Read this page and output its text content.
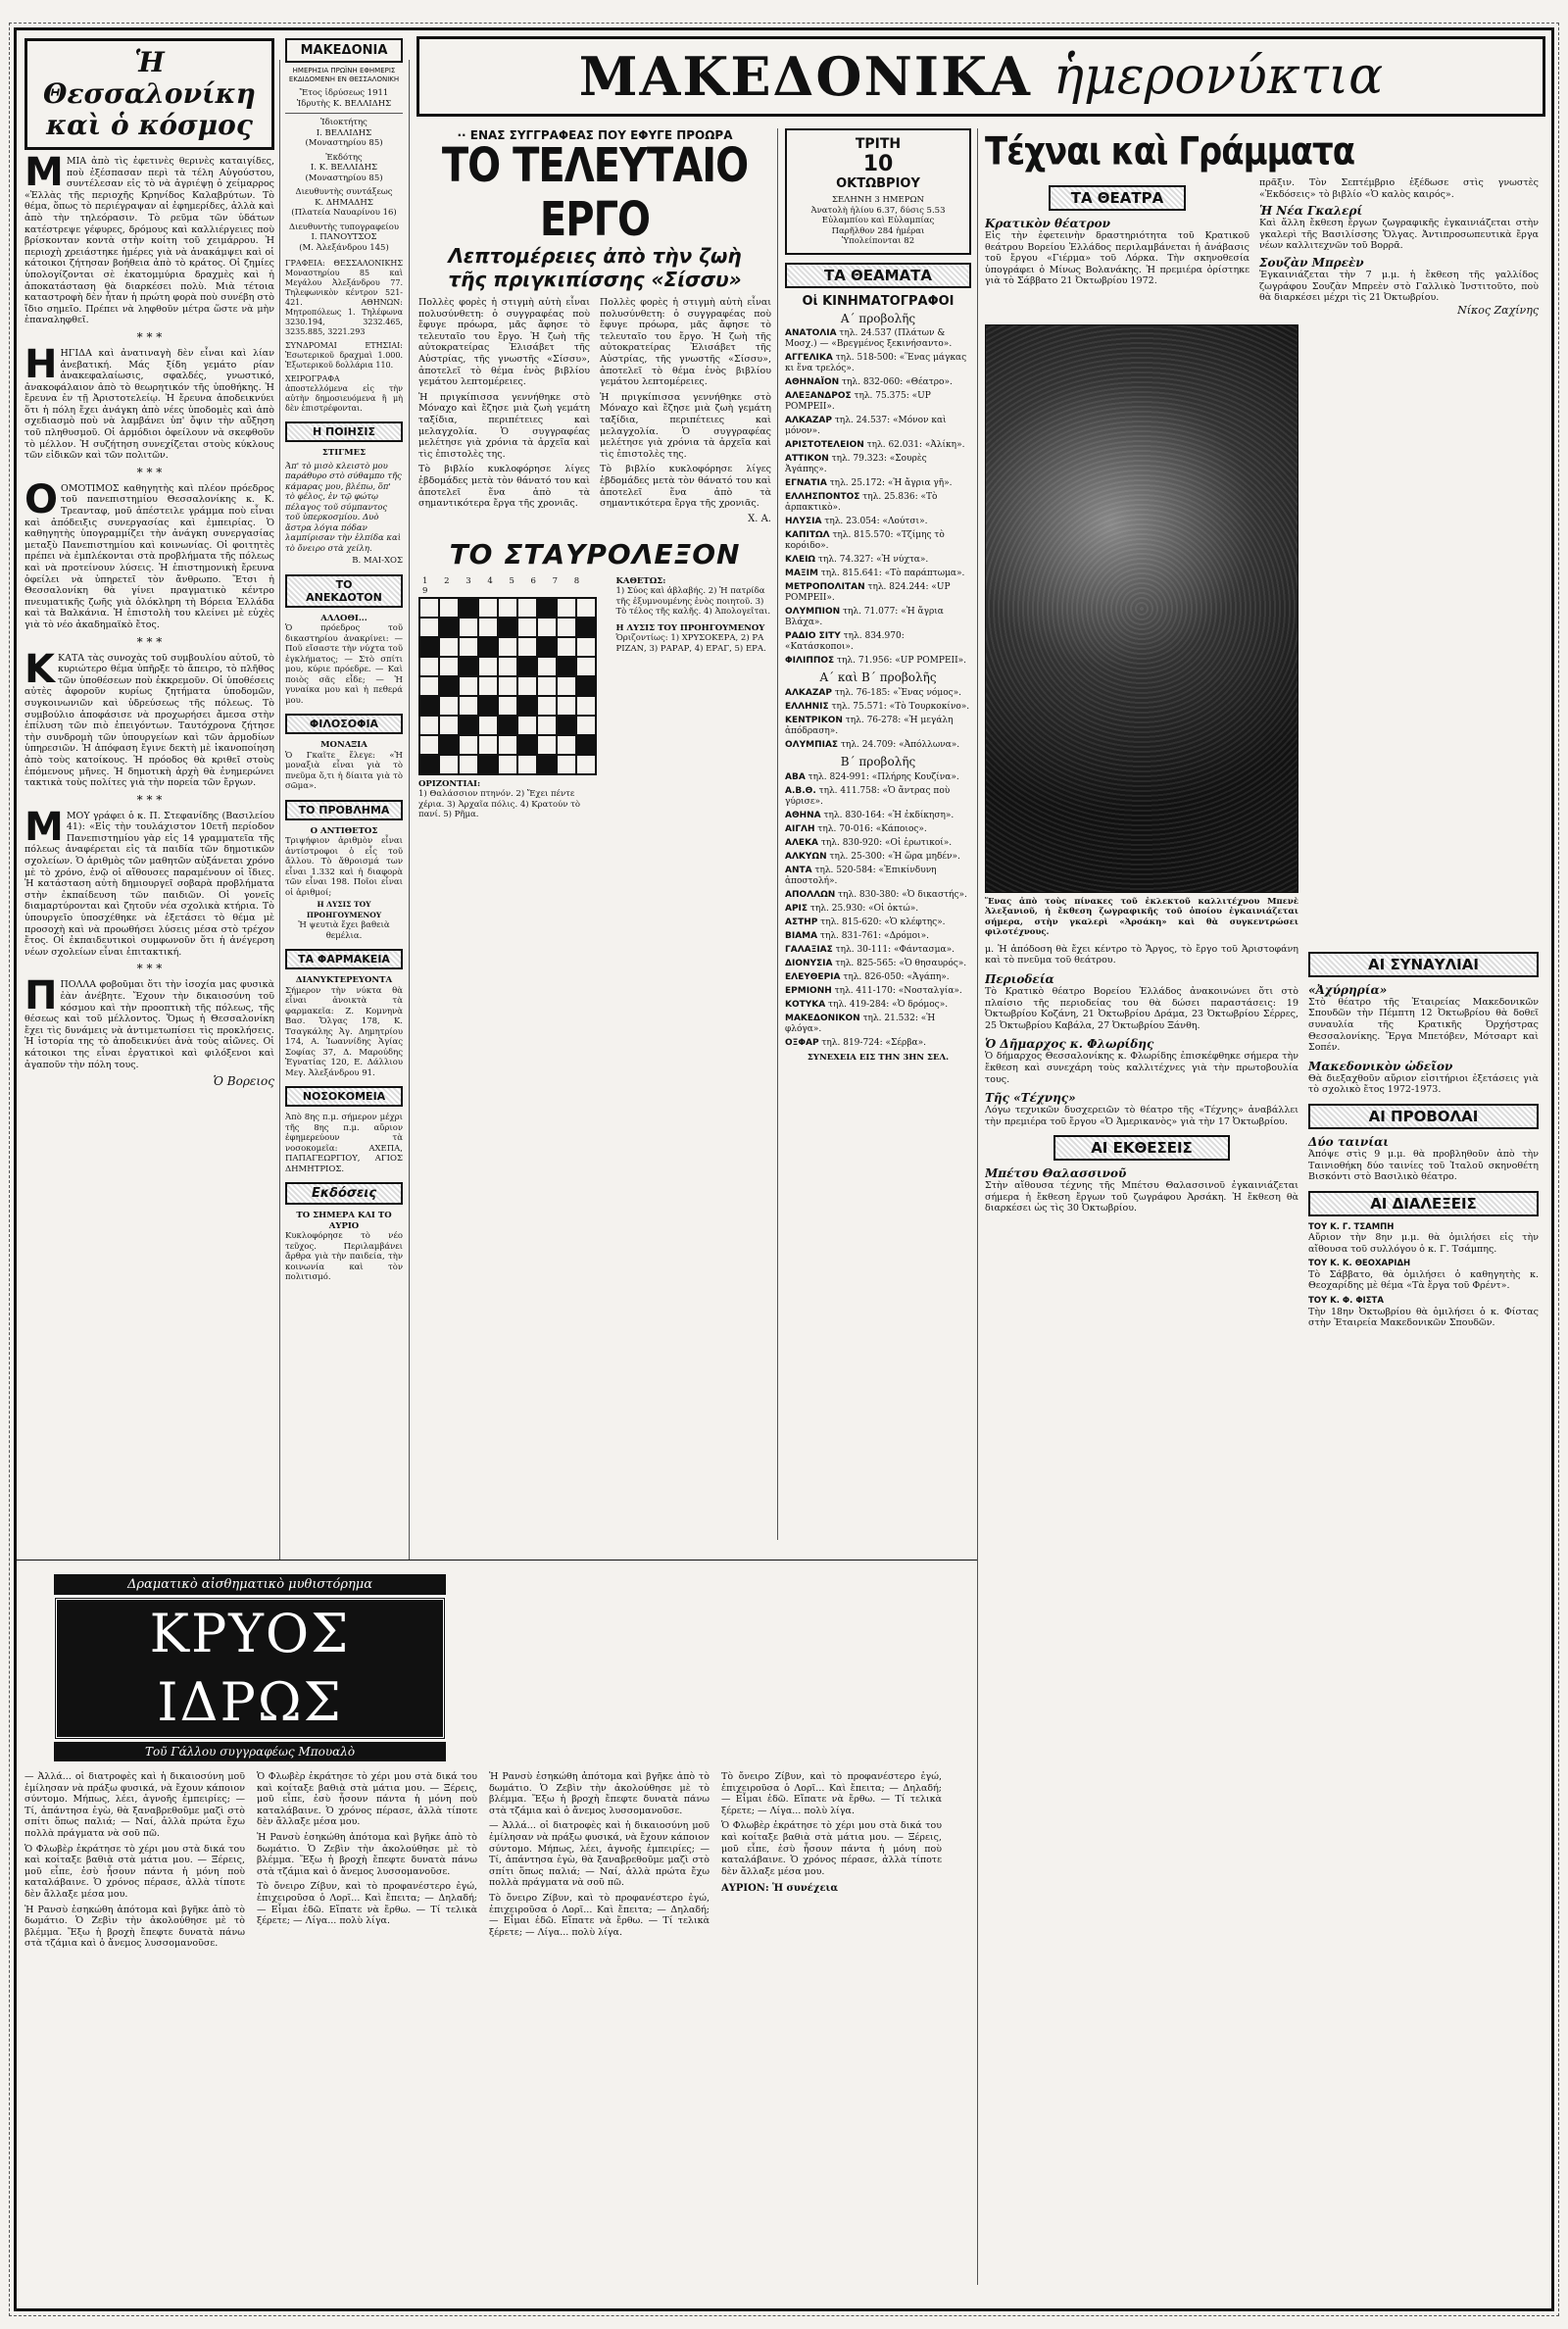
Ἡ Θεσσαλονίκη
καὶ ὁ κόσμος

ΜΜΙΑ ἀπὸ τὶς ἐφετινὲς θερινὲς καταιγίδες, ποὺ ἐξέσπασαν περὶ τὰ τέλη Αὐγούστου, συντέλεσαν εἰς τὸ νὰ ἀγριέψῃ ὁ χείμαρρος «Ἑλλὰς τῆς περιοχῆς Κρηνίδος Καλαβρύτων. Τὸ θέμα, ὅπως τὸ περιέγραψαν αἱ ἐφημερίδες, ἀλλὰ καὶ ἀπὸ τὴν τηλεόρασιν. Τὸ ρεῦμα τῶν ὑδάτων κατέστρεψε γέφυρες, δρόμους καὶ καλλιέργειες ποὺ βρίσκονταν κοντὰ στὴν κοίτη τοῦ χειμάρρου. Ἡ περιοχὴ χρειάστηκε ἡμέρες γιὰ νὰ ἀνακάμψει καὶ οἱ κάτοικοι ζήτησαν βοήθεια ἀπὸ τὸ κράτος. Οἱ ζημίες ὑπολογίζονται σὲ ἑκατομμύρια δραχμὲς καὶ ἡ ἀποκατάσταση θὰ διαρκέσει πολὺ. Μιὰ τέτοια καταστροφὴ δὲν ἦταν ἡ πρώτη φορὰ ποὺ συνέβη στὸ ἴδιο σημεῖο. Πρέπει νὰ ληφθοῦν μέτρα ὥστε νὰ μὴν ἐπαναληφθεῖ.

* * *

ΗΗΓΙΔΑ καὶ ἀνατιναγὴ δὲν εἶναι καὶ λίαν ἀνεβατική. Μάς ξίδη γεμάτο ρίαν ἀνακεφαλαίωσις, σφαλδές, γνωστικό, ἀνακοφάλαιον ἀπὸ τὸ θεωρητικόν τῆς ὑποθήκης. Ἡ ἔρευνα ἐν τῇ Ἀριστοτελείῳ. Ἡ ἔρευνα ἀποδεικνύει ὅτι ἡ πόλη ἔχει ἀνάγκη ἀπὸ νέες ὑποδομὲς καὶ ἀπὸ σχεδιασμὸ ποὺ νὰ λαμβάνει ὑπ' ὄψιν τὴν αὔξηση τοῦ πληθυσμοῦ. Οἱ ἁρμόδιοι ὀφείλουν νὰ σκεφθοῦν τὸ μέλλον. Ἡ συζήτηση συνεχίζεται στοὺς κύκλους τῶν εἰδικῶν καὶ τῶν πολιτῶν.

* * *

ΟΟΜΟΤΙΜΟΣ καθηγητὴς καὶ πλέον πρόεδρος τοῦ πανεπιστημίου Θεσσαλονίκης κ. Κ. Τρεανταφ, μοῦ ἀπέστειλε γράμμα ποὺ εἶναι καὶ ἀπόδειξις συνεργασίας καὶ ἐμπειρίας. Ὁ καθηγητὴς ὑπογραμμίζει τὴν ἀνάγκη συνεργασίας μεταξὺ Πανεπιστημίου καὶ κοινωνίας. Οἱ φοιτητὲς πρέπει νὰ ἐμπλέκονται στὰ προβλήματα τῆς πόλεως καὶ νὰ προτείνουν λύσεις. Ἡ ἐπιστημονικὴ ἔρευνα ὀφείλει νὰ ὑπηρετεῖ τὸν ἄνθρωπο. Ἔτσι ἡ Θεσσαλονίκη θὰ γίνει πραγματικὸ κέντρο πνευματικῆς ζωῆς γιὰ ὁλόκληρη τὴ Βόρεια Ἑλλάδα καὶ τὰ Βαλκάνια. Ἡ ἐπιστολὴ του κλείνει μὲ εὐχὲς γιὰ τὸ νέο ἀκαδημαϊκὸ ἔτος.

* * *

ΚΚΑΤΑ τὰς συνοχὰς τοῦ συμβουλίου αὐτοῦ, τὸ κυριώτερο θέμα ὑπῆρξε τὸ ἄπειρο, τὸ πλῆθος τῶν ὑποθέσεων ποὺ ἐκκρεμοῦν. Οἱ ὑποθέσεις αὐτὲς ἀφοροῦν κυρίως ζητήματα ὑποδομῶν, συγκοινωνιῶν καὶ ὑδρεύσεως τῆς πόλεως. Τὸ συμβούλιο ἀποφάσισε νὰ προχωρήσει ἄμεσα στὴν ἐπίλυση τῶν πιὸ ἐπειγόντων. Ταυτόχρονα ζήτησε τὴν συνδρομὴ τῶν ὑπουργείων καὶ τῶν ἀρμοδίων ὑπηρεσιῶν. Ἡ ἀπόφαση ἔγινε δεκτὴ μὲ ἱκανοποίηση ἀπὸ τοὺς κατοίκους. Ἡ πρόοδος θὰ κριθεῖ στοὺς ἑπόμενους μῆνες. Ἡ δημοτικὴ ἀρχὴ θὰ ἐνημερώνει τακτικὰ τοὺς πολίτες γιὰ τὴν πορεία τῶν ἔργων.

* * *

ΜΜΟΥ γράφει ὁ κ. Π. Στεφανίδης (Βασιλείου 41): «Εἰς τὴν τουλάχιστον 10ετῆ περίοδον Πανεπιστημίου γὰρ εἰς 14 γραμματεῖα τῆς πόλεως ἀναφέρεται εἰς τὰ παιδία τῶν δημοτικῶν σχολείων. Ὁ ἀριθμὸς τῶν μαθητῶν αὐξάνεται χρόνο μὲ τὸ χρόνο, ἐνῷ οἱ αἴθουσες παραμένουν οἱ ἴδιες. Ἡ κατάσταση αὐτὴ δημιουργεῖ σοβαρὰ προβλήματα στὴν ἐκπαίδευση τῶν παιδιῶν. Οἱ γονεῖς διαμαρτύρονται καὶ ζητοῦν νέα σχολικὰ κτήρια. Τὸ ὑπουργεῖο ὑποσχέθηκε νὰ ἐξετάσει τὸ θέμα μὲ προσοχὴ καὶ νὰ προωθήσει λύσεις μέσα στὸ τρέχον ἔτος. Οἱ ἐκπαιδευτικοὶ συμφωνοῦν ὅτι ἡ ἀνέγερση νέων σχολείων εἶναι ἐπιτακτική.

* * *

ΠΠΟΛΛΑ φοβοῦμαι ὅτι τὴν ἰσοχία μας φυσικὰ ἐὰν ἀνέβητε. Ἔχουν τὴν δικαιοσύνη τοῦ κόσμου καὶ τὴν προοπτικὴ τῆς πόλεως, τῆς θέσεως καὶ τοῦ μέλλοντος. Ὅμως ἡ Θεσσαλονίκη ἔχει τὶς δυνάμεις νὰ ἀντιμετωπίσει τὶς προκλήσεις. Ἡ ἱστορία της τὸ ἀποδεικνύει ἀνὰ τοὺς αἰῶνες. Οἱ κάτοικοι της εἶναι ἐργατικοὶ καὶ φιλόξενοι καὶ ἀγαποῦν τὴν πόλη τους.

Ὁ Βορειος
ΜΑΚΕΔΟΝΙΑ
ΗΜΕΡΗΣΙΑ ΠΡΩΪΝΗ ΕΦΗΜΕΡΙΣ ΕΚΔΙΔΟΜΕΝΗ ΕΝ ΘΕΣΣΑΛΟΝΙΚΗ
Ἔτος ἱδρύσεως 1911
Ἱδρυτὴς Κ. ΒΕΛΛΙΔΗΣ
Ἰδιοκτήτης
Ι. ΒΕΛΛΙΔΗΣ
(Μοναστηρίου 85)
Ἐκδότης
Ι. Κ. ΒΕΛΛΙΔΗΣ
(Μοναστηρίου 85)
Διευθυντὴς συντάξεως
Κ. ΔΗΜΑΔΗΣ
(Πλατεία Ναυαρίνου 16)
Διευθυντὴς τυπογραφείου
Ι. ΠΑΝΟΥΤΣΟΣ
(Μ. Ἀλεξάνδρου 145)
ΓΡΑΦΕΙΑ: ΘΕΣΣΑΛΟΝΙΚΗΣ Μοναστηρίου 85 καὶ Μεγάλου Ἀλεξάνδρου 77. Τηλεφωνικὸν κέντρον 521-421. ΑΘΗΝΩΝ: Μητροπόλεως 1. Τηλέφωνα 3230.194, 3232.465, 3235.885, 3221.293
ΣΥΝΔΡΟΜΑΙ ΕΤΗΣΙΑΙ: Ἐσωτερικοῦ δραχμαὶ 1.000. Ἐξωτερικοῦ δολλάρια 110.
ΧΕΙΡΟΓΡΑΦΑ ἀποστελλόμενα εἰς τὴν αὐτὴν δημοσιευόμενα ἢ μὴ δὲν ἐπιστρέφονται.
Η ΠΟΙΗΣΙΣ
ΣΤΙΓΜΕΣ
Ἀπ' τὸ μισὸ κλειστὸ μου παράθυρο στὸ σύθαμπο τῆς κάμαρας μου, βλέπω, ὅπ' τὸ φέλος, ἐν τῷ φώτῳ πέλαγος τοῦ σύμπαντος τοῦ ὑπερκοσμίου. Δυὸ ἄστρα λόγια πόδαν λαμπίρισαν τὴν ἐλπίδα καὶ τὸ ὄνειρο στὰ χείλη.
Β. ΜΑΙ-ΧΟΣ
ΤΟ ΑΝΕΚΔΟΤΟΝ
ΑΛΛΟΘΙ...
Ὁ πρόεδρος τοῦ δικαστηρίου ἀνακρίνει: — Ποῦ εἴσαστε τὴν νύχτα τοῦ ἐγκλήματος; — Στὸ σπίτι μου, κύριε πρόεδρε. — Καὶ ποιὸς σᾶς εἶδε; — Ἡ γυναίκα μου καὶ ἡ πεθερά μου.
ΦΙΛΟΣΟΦΙΑ
ΜΟΝΑΞΙΑ
Ὁ Γκαῖτε ἔλεγε: «Ἡ μοναξιὰ εἶναι γιὰ τὸ πνεῦμα ὅ,τι ἡ δίαιτα γιὰ τὸ σῶμα».
ΤΟ ΠΡΟΒΛΗΜΑ
Ο ΑΝΤΙΘΕΤΟΣ
Τριψήφιον ἀριθμὸν εἶναι ἀντίστροφοι ὁ εἷς τοῦ ἄλλου. Τὸ ἄθροισμά των εἶναι 1.332 καὶ ἡ διαφορὰ τῶν εἶναι 198. Ποῖοι εἶναι οἱ ἀριθμοί;
Η ΛΥΣΙΣ ΤΟΥ ΠΡΟΗΓΟΥΜΕΝΟΥ
Ἡ ψευτιὰ ἔχει βαθειὰ θεμέλια.
ΤΑ ΦΑΡΜΑΚΕΙΑ
ΔΙΑΝΥΚΤΕΡΕΥΟΝΤΑ
Σήμερον τὴν νύκτα θὰ εἶναι ἀνοικτὰ τὰ φαρμακεῖα: Ζ. Κομνηνὰ Βασ. Ὄλγας 178, Κ. Τσαγκάλης Ἀγ. Δημητρίου 174, Α. Ἰωαννίδης Ἁγίας Σοφίας 37, Δ. Μαρούδης Ἐγνατίας 120, Ε. Δάλλιου Μεγ. Ἀλεξάνδρου 91.
ΝΟΣΟΚΟΜΕΙΑ
Ἀπὸ 8ης π.μ. σήμερον μέχρι τῆς 8ης π.μ. αὔριον ἐφημερεύουν τὰ νοσοκομεῖα: ΑΧΕΠΑ, ΠΑΠΑΓΕΩΡΓΙΟΥ, ΑΓΙΟΣ ΔΗΜΗΤΡΙΟΣ.
Εκδόσεις
ΤΟ ΣΗΜΕΡΑ ΚΑΙ ΤΟ ΑΥΡΙΟ
Κυκλοφόρησε τὸ νέο τεῦχος. Περιλαμβάνει ἄρθρα γιὰ τὴν παιδεία, τὴν κοινωνία καὶ τὸν πολιτισμό.
ΜΑΚΕΔΟΝΙΚΑ ἡμερονύκτια
·· ΕΝΑΣ ΣΥΓΓΡΑΦΕΑΣ ΠΟΥ ΕΦΥΓΕ ΠΡΟΩΡΑ
ΤΟ ΤΕΛΕΥΤΑΙΟ ΕΡΓΟ
Λεπτομέρειες ἀπὸ τὴν ζωὴ
τῆς πριγκιπίσσης «Σίσσυ»

Πολλὲς φορὲς ἡ στιγμὴ αὐτὴ εἶναι πολυσύνθετη: ὁ συγγραφέας ποὺ ἔφυγε πρόωρα, μᾶς ἄφησε τὸ τελευταῖο του ἔργο. Ἡ ζωὴ τῆς αὐτοκρατείρας Ἐλισάβετ τῆς Αὐστρίας, τῆς γνωστῆς «Σίσσυ», ἀποτελεῖ τὸ θέμα ἑνὸς βιβλίου γεμάτου λεπτομέρειες.

Ἡ πριγκίπισσα γεννήθηκε στὸ Μόναχο καὶ ἔζησε μιὰ ζωὴ γεμάτη ταξίδια, περιπέτειες καὶ μελαγχολία. Ὁ συγγραφέας μελέτησε γιὰ χρόνια τὰ ἀρχεῖα καὶ τὶς ἐπιστολὲς της.

Τὸ βιβλίο κυκλοφόρησε λίγες ἑβδομάδες μετὰ τὸν θάνατό του καὶ ἀποτελεῖ ἕνα ἀπὸ τὰ σημαντικότερα ἔργα τῆς χρονιᾶς.

Πολλὲς φορὲς ἡ στιγμὴ αὐτὴ εἶναι πολυσύνθετη: ὁ συγγραφέας ποὺ ἔφυγε πρόωρα, μᾶς ἄφησε τὸ τελευταῖο του ἔργο. Ἡ ζωὴ τῆς αὐτοκρατείρας Ἐλισάβετ τῆς Αὐστρίας, τῆς γνωστῆς «Σίσσυ», ἀποτελεῖ τὸ θέμα ἑνὸς βιβλίου γεμάτου λεπτομέρειες.

Ἡ πριγκίπισσα γεννήθηκε στὸ Μόναχο καὶ ἔζησε μιὰ ζωὴ γεμάτη ταξίδια, περιπέτειες καὶ μελαγχολία. Ὁ συγγραφέας μελέτησε γιὰ χρόνια τὰ ἀρχεῖα καὶ τὶς ἐπιστολὲς της.

Τὸ βιβλίο κυκλοφόρησε λίγες ἑβδομάδες μετὰ τὸν θάνατό του καὶ ἀποτελεῖ ἕνα ἀπὸ τὰ σημαντικότερα ἔργα τῆς χρονιᾶς.

Χ. Α.
ΤΟ ΣΤΑΥΡΟΛΕΞΟΝ
1 2 3 4 5 6 7 8 9
ΟΡΙΖΟΝΤΙΑΙ:
1) Θαλάσσιον πτηνόν. 2) Ἔχει πέντε χέρια. 3) Ἀρχαῖα πόλις. 4) Κρατούν τὸ πανί. 5) Ρῆμα.
ΚΑΘΕΤΩΣ:
1) Σύος καὶ ἀβλαβής. 2) Ἡ πατρίδα τῆς ἐξυμνουμένης ἑνὸς ποιητοῦ. 3) Τὸ τέλος τῆς καλῆς. 4) Ἀπολογεῖται.
Η ΛΥΣΙΣ ΤΟΥ ΠΡΟΗΓΟΥΜΕΝΟΥ
Ὁριζοντίως: 1) ΧΡΥΣΟΚΕΡΑ, 2) ΡΑ ΡΙΖΑΝ, 3) ΡΑΡΑΡ, 4) ΕΡΑΓ, 5) ΕΡΑ.
ΤΡΙΤΗ
10
ΟΚΤΩΒΡΙΟΥ
ΣΕΛΗΝΗ 3 ΗΜΕΡΩΝ
Ἀνατολὴ ἡλίου 6.37, δύσις 5.53
Εὐλαμπίου καὶ Εὐλαμπίας
Παρῆλθον 284 ἡμέραι
Ὑπολείπονται 82
ΤΑ ΘΕΑΜΑΤΑ
Οἱ ΚΙΝΗΜΑΤΟΓΡΑΦΟΙ
Α΄ προβολῆς
ΑΝΑΤΟΛΙΑ τηλ. 24.537 (Πλάτων & Μοσχ.) — «Βρεγμένος ξεκινήσαντο».
ΑΓΓΕΛΙΚΑ τηλ. 518-500: «Ἕνας μάγκας κι ἕνα τρελός».
ΑΘΗΝΑΪΟΝ τηλ. 832-060: «Θέατρο».
ΑΛΕΞΑΝΔΡΟΣ τηλ. 75.375: «UP POMPEII».
ΑΛΚΑΖΑΡ τηλ. 24.537: «Μόνον καὶ μόνον».
ΑΡΙΣΤΟΤΕΛΕΙΟΝ τηλ. 62.031: «Ἀλίκη».
ΑΤΤΙΚΟΝ τηλ. 79.323: «Σουρὲς Ἀγάπης».
ΕΓΝΑΤΙΑ τηλ. 25.172: «Ἡ ἄγρια γῆ».
ΕΛΛΗΣΠΟΝΤΟΣ τηλ. 25.836: «Τὸ ἀρπακτικὸ».
ΗΛΥΣΙΑ τηλ. 23.054: «Λούτσι».
ΚΑΠΙΤΩΛ τηλ. 815.570: «Τζίμης τὸ κορόιδο».
ΚΛΕΙΩ τηλ. 74.327: «Ἡ νύχτα».
ΜΑΞΙΜ τηλ. 815.641: «Τὸ παράπτωμα».
ΜΕΤΡΟΠΟΛΙΤΑΝ τηλ. 824.244: «UP POMPEII».
ΟΛΥΜΠΙΟΝ τηλ. 71.077: «Ἡ ἄγρια Βλάχα».
ΡΑΔΙΟ ΣΙΤΥ τηλ. 834.970: «Κατάσκοποι».
ΦΙΛΙΠΠΟΣ τηλ. 71.956: «UP POMPEII».
Α΄ καὶ Β΄ προβολῆς
ΑΛΚΑΖΑΡ τηλ. 76-185: «Ἕνας νόμος».
ΕΛΛΗΝΙΣ τηλ. 75.571: «Τὸ Τουρκοκίνο».
ΚΕΝΤΡΙΚΟΝ τηλ. 76-278: «Ἡ μεγάλη ἀπόδραση».
ΟΛΥΜΠΙΑΣ τηλ. 24.709: «Ἀπόλλωνα».
Β΄ προβολῆς
ΑΒΑ τηλ. 824-991: «Πλήρης Κουζίνα».
Α.Β.Θ. τηλ. 411.758: «Ὁ ἄντρας ποὺ γύρισε».
ΑΘΗΝΑ τηλ. 830-164: «Ἡ ἐκδίκηση».
ΑΙΓΛΗ τηλ. 70-016: «Κάποιος».
ΑΛΕΚΑ τηλ. 830-920: «Οἱ ἐρωτικοί».
ΑΛΚΥΩΝ τηλ. 25-300: «Ἡ ὥρα μηδέν».
ΑΝΤΑ τηλ. 520-584: «Ἐπικίνδυνη ἀποστολή».
ΑΠΟΛΛΩΝ τηλ. 830-380: «Ὁ δικαστής».
ΑΡΙΣ τηλ. 25.930: «Οἱ ὀκτώ».
ΑΣΤΗΡ τηλ. 815-620: «Ὁ κλέφτης».
ΒΙΑΜΑ τηλ. 831-761: «Δρόμοι».
ΓΑΛΑΞΙΑΣ τηλ. 30-111: «Φάντασμα».
ΔΙΟΝΥΣΙΑ τηλ. 825-565: «Ὁ θησαυρός».
ΕΛΕΥΘΕΡΙΑ τηλ. 826-050: «Ἀγάπη».
ΕΡΜΙΟΝΗ τηλ. 411-170: «Νοσταλγία».
ΚΟΤΥΚΑ τηλ. 419-284: «Ὁ δρόμος».
ΜΑΚΕΔΟΝΙΚΟΝ τηλ. 21.532: «Ἡ φλόγα».
ΟΞΦΑΡ τηλ. 819-724: «Σέρβα».
ΣΥΝΕΧΕΙΑ ΕΙΣ ΤΗΝ 3ΗΝ ΣΕΛ.
Τέχναι καὶ Γράμματα
ΤΑ ΘΕΑΤΡΑ
Κρατικὸν θέατρον

Εἰς τὴν ἐφετεινὴν δραστηριότητα τοῦ Κρατικοῦ θεάτρου Βορείου Ἑλλάδος περιλαμβάνεται ἡ ἀνάβασις τοῦ ἔργου «Γιέρμα» τοῦ Λόρκα. Τὴν σκηνοθεσία ὑπογράφει ὁ Μίνως Βολανάκης. Ἡ πρεμιέρα ὁρίστηκε γιὰ τὸ Σάββατο 21 Ὀκτωβρίου 1972.

πρᾶξιν. Τὸν Σεπτέμβριο ἐξέδωσε στὶς γνωστὲς «Ἐκδόσεις» τὸ βιβλίο «Ὁ καλὸς καιρός».

Ἡ Νέα Γκαλερί

Καὶ ἄλλη ἔκθεση ἔργων ζωγραφικῆς ἐγκαινιάζεται στὴν γκαλερὶ τῆς Βασιλίσσης Ὄλγας. Ἀντιπροσωπευτικὰ ἔργα νέων καλλιτεχνῶν τοῦ Βορρᾶ.

Σουζὰν Μπρεὲν

Ἐγκαινιάζεται τὴν 7 μ.μ. ἡ ἔκθεση τῆς γαλλίδος ζωγράφου Σουζὰν Μπρεὲν στὸ Γαλλικὸ Ἰνστιτοῦτο, ποὺ θὰ διαρκέσει μέχρι τὶς 21 Ὀκτωβρίου.

Νίκος Ζαχίνης
Ἕνας ἀπὸ τοὺς πίνακες τοῦ ἐκλεκτοῦ καλλιτέχνου Μπενὲ Ἀλεξανιοῦ, ἡ ἔκθεση ζωγραφικῆς τοῦ ὁποίου ἐγκαινιάζεται σήμερα, στὴν γκαλερὶ «Ἀρσάκη» καὶ θὰ συγκεντρώσει φιλοτέχνους.

μ. Ἡ ἀπόδοση θὰ ἔχει κέντρο τὸ Ἄργος, τὸ ἔργο τοῦ Ἀριστοφάνη καὶ τὸ πνεῦμα τοῦ θεάτρου.

Περιοδεία

Τὸ Κρατικὸ θέατρο Βορείου Ἑλλάδος ἀνακοινώνει ὅτι στὸ πλαίσιο τῆς περιοδείας του θὰ δώσει παραστάσεις: 19 Ὀκτωβρίου Κοζάνη, 21 Ὀκτωβρίου Δράμα, 23 Ὀκτωβρίου Σέρρες, 25 Ὀκτωβρίου Καβάλα, 27 Ὀκτωβρίου Ξάνθη.

Ὁ Δῆμαρχος κ. Φλωρίδης

Ὁ δήμαρχος Θεσσαλονίκης κ. Φλωρίδης ἐπισκέφθηκε σήμερα τὴν ἔκθεση καὶ συνεχάρη τοὺς καλλιτέχνες γιὰ τὴν πρωτοβουλία τους.

Τῆς «Τέχνης»

Λόγω τεχνικῶν δυσχερειῶν τὸ θέατρο τῆς «Τέχνης» ἀναβάλλει τὴν πρεμιέρα τοῦ ἔργου «Ὁ Ἀμερικανὸς» γιὰ τὴν 17 Ὀκτωβρίου.

ΑΙ ΕΚΘΕΣΕΙΣ
Μπέτσυ Θαλασσινοῦ

Στὴν αἴθουσα τέχνης τῆς Μπέτσυ Θαλασσινοῦ ἐγκαινιάζεται σήμερα ἡ ἔκθεση ἔργων τοῦ ζωγράφου Ἀρσάκη. Ἡ ἔκθεση θὰ διαρκέσει ὡς τὶς 30 Ὀκτωβρίου.

ΑΙ ΣΥΝΑΥΛΙΑΙ
«Ἀχύρηρία»

Στὸ θέατρο τῆς Ἑταιρείας Μακεδονικῶν Σπουδῶν τὴν Πέμπτη 12 Ὀκτωβρίου θὰ δοθεῖ συναυλία τῆς Κρατικῆς Ὀρχήστρας Θεσσαλονίκης. Ἔργα Μπετόβεν, Μότσαρτ καὶ Σοπέν.

Μακεδονικὸν ὠδεῖον

Θὰ διεξαχθοῦν αὔριον εἰσιτήριοι ἐξετάσεις γιὰ τὸ σχολικὸ ἔτος 1972-1973.

ΑΙ ΠΡΟΒΟΛΑΙ
Δύο ταινίαι

Ἀπόψε στὶς 9 μ.μ. θὰ προβληθοῦν ἀπὸ τὴν Ταινιοθήκη δύο ταινίες τοῦ Ἰταλοῦ σκηνοθέτη Βισκόντι στὸ Βασιλικὸ θέατρο.

ΑΙ ΔΙΑΛΕΞΕΙΣ
ΤΟΥ Κ. Γ. ΤΣΑΜΠΗ

Αὔριον τὴν 8ην μ.μ. θὰ ὁμιλήσει εἰς τὴν αἴθουσα τοῦ συλλόγου ὁ κ. Γ. Τσάμπης.

ΤΟΥ Κ. Κ. ΘΕΟΧΑΡΙΔΗ

Τὸ Σάββατο, θὰ ὁμιλήσει ὁ καθηγητὴς κ. Θεοχαρίδης μὲ θέμα «Τὰ ἔργα τοῦ Φρέντ».

ΤΟΥ Κ. Φ. ΦΙΣΤΑ

Τὴν 18ην Ὀκτωβρίου θὰ ὁμιλήσει ὁ κ. Φίστας στὴν Ἐταιρεία Μακεδονικῶν Σπουδῶν.

Δραματικὸ αἰσθηματικὸ μυθιστόρημα
ΚΡΥΟΣ ΙΔΡΩΣ
Τοῦ Γάλλου συγγραφέως Μπουαλὸ

— Ἀλλά... οἱ διατροφὲς καὶ ἡ δικαιοσύνη μοῦ ἐμίλησαν νὰ πράξω φυσικά, νὰ ἔχουν κάποιον σύντομο. Μήπως, λέει, ἀγνοῆς ἐμπειρίες; — Τί, ἀπάντησα ἐγὼ, θὰ ξαναβρεθοῦμε μαζὶ στὸ σπίτι ὅπως παλιά; — Ναί, ἀλλὰ πρώτα ἔχω πολλὰ πράγματα νὰ σοῦ πῶ.

Ὁ Φλωβὲρ ἐκράτησε τὸ χέρι μου στὰ δικά του καὶ κοίταξε βαθιὰ στὰ μάτια μου. — Ξέρεις, μοῦ εἶπε, ἐσὺ ἦσουν πάντα ἡ μόνη ποὺ καταλάβαινε. Ὁ χρόνος πέρασε, ἀλλὰ τίποτε δὲν ἄλλαξε μέσα μου.

Ἡ Ρανσὺ ἐσηκώθη ἀπότομα καὶ βγῆκε ἀπὸ τὸ δωμάτιο. Ὁ Ζεβὶν τὴν ἀκολούθησε μὲ τὸ βλέμμα. Ἔξω ἡ βροχὴ ἔπεφτε δυνατὰ πάνω στὰ τζάμια καὶ ὁ ἄνεμος λυσσομανοῦσε.

Ὁ Φλωβὲρ ἐκράτησε τὸ χέρι μου στὰ δικά του καὶ κοίταξε βαθιὰ στὰ μάτια μου. — Ξέρεις, μοῦ εἶπε, ἐσὺ ἦσουν πάντα ἡ μόνη ποὺ καταλάβαινε. Ὁ χρόνος πέρασε, ἀλλὰ τίποτε δὲν ἄλλαξε μέσα μου.

Ἡ Ρανσὺ ἐσηκώθη ἀπότομα καὶ βγῆκε ἀπὸ τὸ δωμάτιο. Ὁ Ζεβὶν τὴν ἀκολούθησε μὲ τὸ βλέμμα. Ἔξω ἡ βροχὴ ἔπεφτε δυνατὰ πάνω στὰ τζάμια καὶ ὁ ἄνεμος λυσσομανοῦσε.

Τὸ ὄνειρο Ζίβυν, καὶ τὸ προφανέστερο ἐγώ, ἐπιχειροῦσα ὁ Λορῖ... Καὶ ἔπειτα; — Δηλαδή; — Εἶμαι ἐδῶ. Εἴπατε νὰ ἔρθω. — Τί τελικὰ ξέρετε; — Λίγα... πολὺ λίγα.

Ἡ Ρανσὺ ἐσηκώθη ἀπότομα καὶ βγῆκε ἀπὸ τὸ δωμάτιο. Ὁ Ζεβὶν τὴν ἀκολούθησε μὲ τὸ βλέμμα. Ἔξω ἡ βροχὴ ἔπεφτε δυνατὰ πάνω στὰ τζάμια καὶ ὁ ἄνεμος λυσσομανοῦσε.

— Ἀλλά... οἱ διατροφὲς καὶ ἡ δικαιοσύνη μοῦ ἐμίλησαν νὰ πράξω φυσικά, νὰ ἔχουν κάποιον σύντομο. Μήπως, λέει, ἀγνοῆς ἐμπειρίες; — Τί, ἀπάντησα ἐγὼ, θὰ ξαναβρεθοῦμε μαζὶ στὸ σπίτι ὅπως παλιά; — Ναί, ἀλλὰ πρώτα ἔχω πολλὰ πράγματα νὰ σοῦ πῶ.

Τὸ ὄνειρο Ζίβυν, καὶ τὸ προφανέστερο ἐγώ, ἐπιχειροῦσα ὁ Λορῖ... Καὶ ἔπειτα; — Δηλαδή; — Εἶμαι ἐδῶ. Εἴπατε νὰ ἔρθω. — Τί τελικὰ ξέρετε; — Λίγα... πολὺ λίγα.

Τὸ ὄνειρο Ζίβυν, καὶ τὸ προφανέστερο ἐγώ, ἐπιχειροῦσα ὁ Λορῖ... Καὶ ἔπειτα; — Δηλαδή; — Εἶμαι ἐδῶ. Εἴπατε νὰ ἔρθω. — Τί τελικὰ ξέρετε; — Λίγα... πολὺ λίγα.

Ὁ Φλωβὲρ ἐκράτησε τὸ χέρι μου στὰ δικά του καὶ κοίταξε βαθιὰ στὰ μάτια μου. — Ξέρεις, μοῦ εἶπε, ἐσὺ ἦσουν πάντα ἡ μόνη ποὺ καταλάβαινε. Ὁ χρόνος πέρασε, ἀλλὰ τίποτε δὲν ἄλλαξε μέσα μου.

ΑΥΡΙΟΝ: Ἡ συνέχεια
